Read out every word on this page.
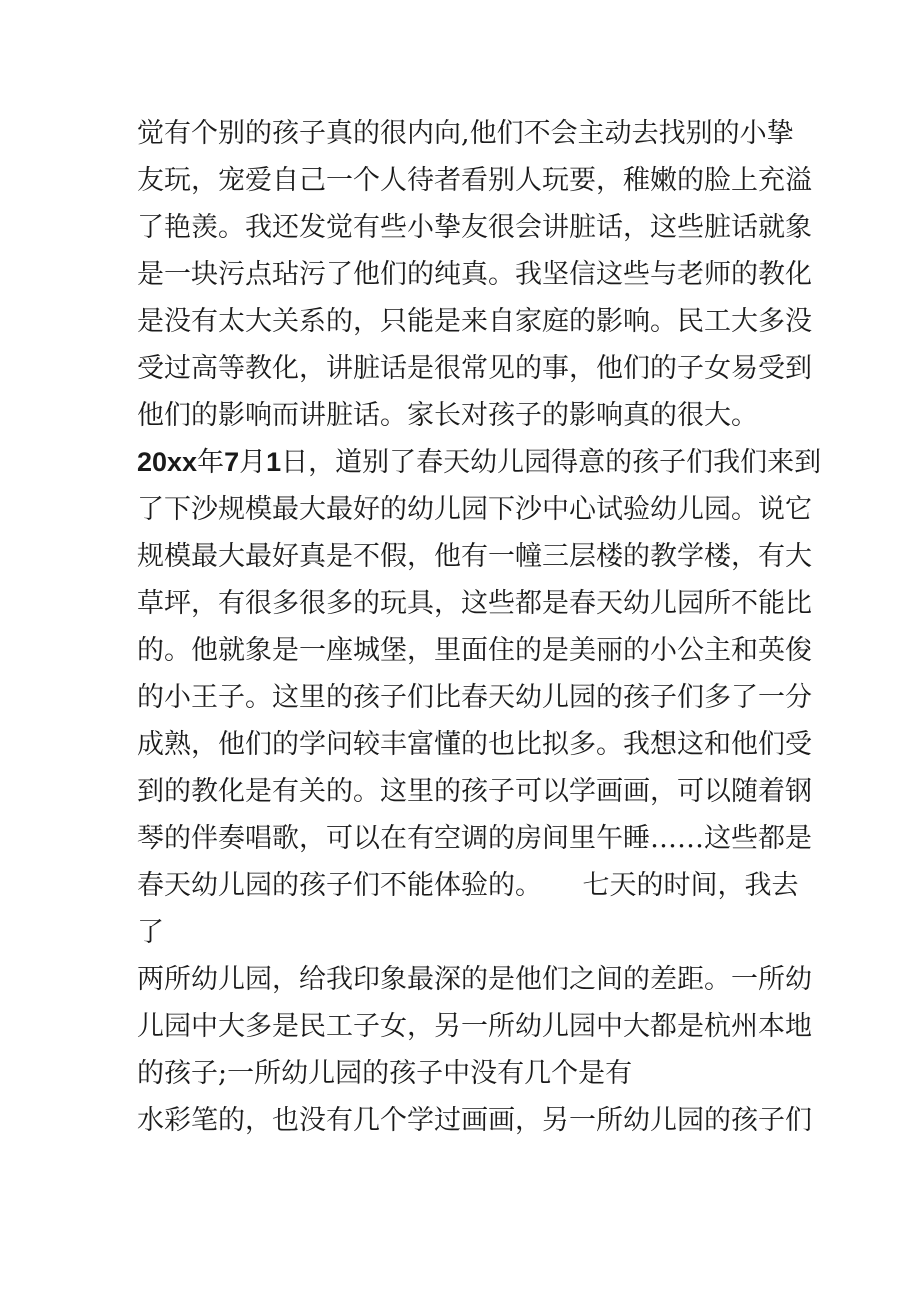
觉有个别的孩子真的很内向,他们不会主动去找别的小挚
友玩，宠爱自己一个人待者看别人玩要，稚嫩的脸上充溢
了艳羡。我还发觉有些小挚友很会讲脏话，这些脏话就象
是一块污点玷污了他们的纯真。我坚信这些与老师的教化
是没有太大关系的，只能是来自家庭的影响。民工大多没
受过高等教化，讲脏话是很常见的事，他们的子女易受到
他们的影响而讲脏话。家长对孩子的影响真的很大。
20xx年7月1日，道别了春天幼儿园得意的孩子们我们来到
了下沙规模最大最好的幼儿园下沙中心试验幼儿园。说它
规模最大最好真是不假，他有一幢三层楼的教学楼，有大
草坪，有很多很多的玩具，这些都是春天幼儿园所不能比
的。他就象是一座城堡，里面住的是美丽的小公主和英俊
的小王子。这里的孩子们比春天幼儿园的孩子们多了一分
成熟，他们的学问较丰富懂的也比拟多。我想这和他们受
到的教化是有关的。这里的孩子可以学画画，可以随着钢
琴的伴奏唱歌，可以在有空调的房间里午睡……这些都是
春天幼儿园的孩子们不能体验的。　　七天的时间，我去
了
两所幼儿园，给我印象最深的是他们之间的差距。一所幼
儿园中大多是民工子女，另一所幼儿园中大都是杭州本地
的孩子;一所幼儿园的孩子中没有几个是有
水彩笔的，也没有几个学过画画，另一所幼儿园的孩子们
